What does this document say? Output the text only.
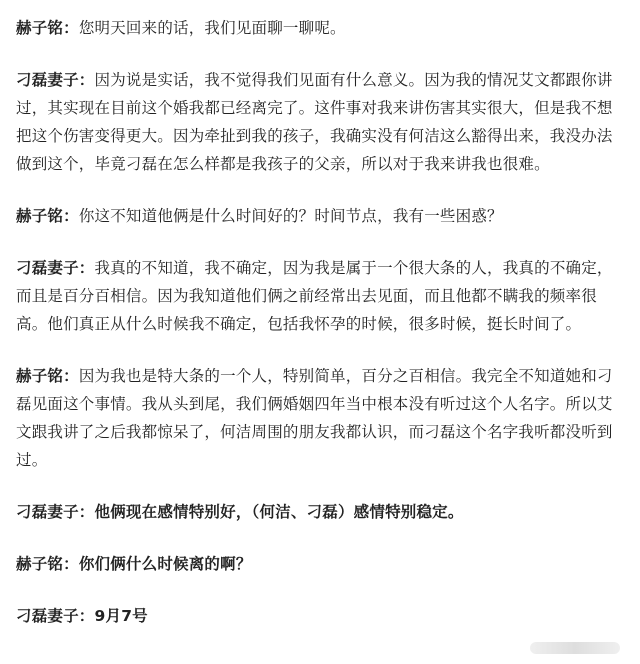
赫子铭：您明天回来的话，我们见面聊一聊呢。

刁磊妻子：因为说是实话，我不觉得我们见面有什么意义。因为我的情况艾文都跟你讲过，其实现在目前这个婚我都已经离完了。这件事对我来讲伤害其实很大，但是我不想把这个伤害变得更大。因为牵扯到我的孩子，我确实没有何洁这么豁得出来，我没办法做到这个，毕竟刁磊在怎么样都是我孩子的父亲，所以对于我来讲我也很难。

赫子铭：你这不知道他俩是什么时间好的？时间节点，我有一些困惑？

刁磊妻子：我真的不知道，我不确定，因为我是属于一个很大条的人，我真的不确定，而且是百分百相信。因为我知道他们俩之前经常出去见面，而且他都不瞒我的频率很高。他们真正从什么时候我不确定，包括我怀孕的时候，很多时候，挺长时间了。

赫子铭：因为我也是特大条的一个人，特别简单，百分之百相信。我完全不知道她和刁磊见面这个事情。我从头到尾，我们俩婚姻四年当中根本没有听过这个人名字。所以艾文跟我讲了之后我都惊呆了，何洁周围的朋友我都认识，而刁磊这个名字我听都没听到过。

刁磊妻子：他俩现在感情特别好，（何洁、刁磊）感情特别稳定。

赫子铭：你们俩什么时候离的啊？

刁磊妻子：9月7号
